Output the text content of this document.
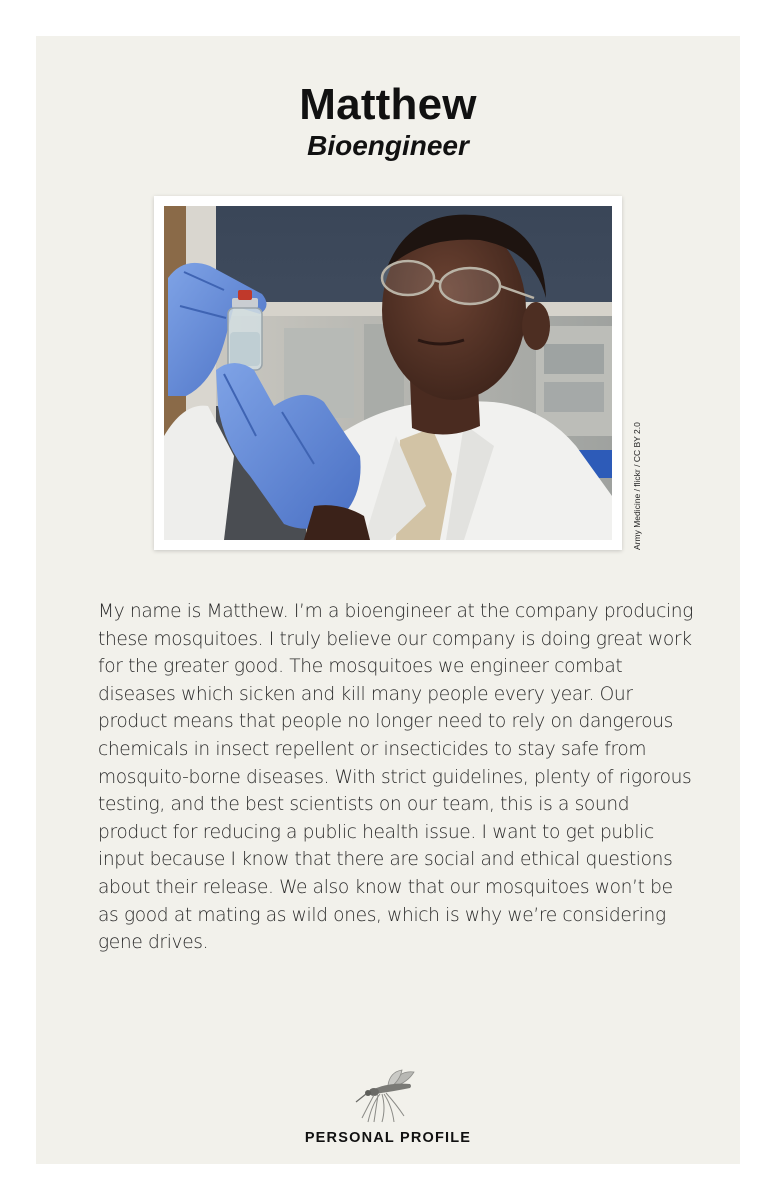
Matthew
Bioengineer
Army Medicine / flickr / CC BY 2.0

My name is Matthew. I’m a bioengineer at the company producing these mosquitoes. I truly believe our company is doing great work for the greater good. The mosquitoes we engineer combat diseases which sicken and kill many people every year. Our product means that people no longer need to rely on dangerous chemicals in insect repellent or insecticides to stay safe from mosquito-borne diseases. With strict guidelines, plenty of rigorous testing, and the best scientists on our team, this is a sound product for reducing a public health issue. I want to get public input because I know that there are social and ethical questions about their release. We also know that our mosquitoes won’t be as good at mating as wild ones, which is why we’re considering gene drives.

PERSONAL PROFILE
